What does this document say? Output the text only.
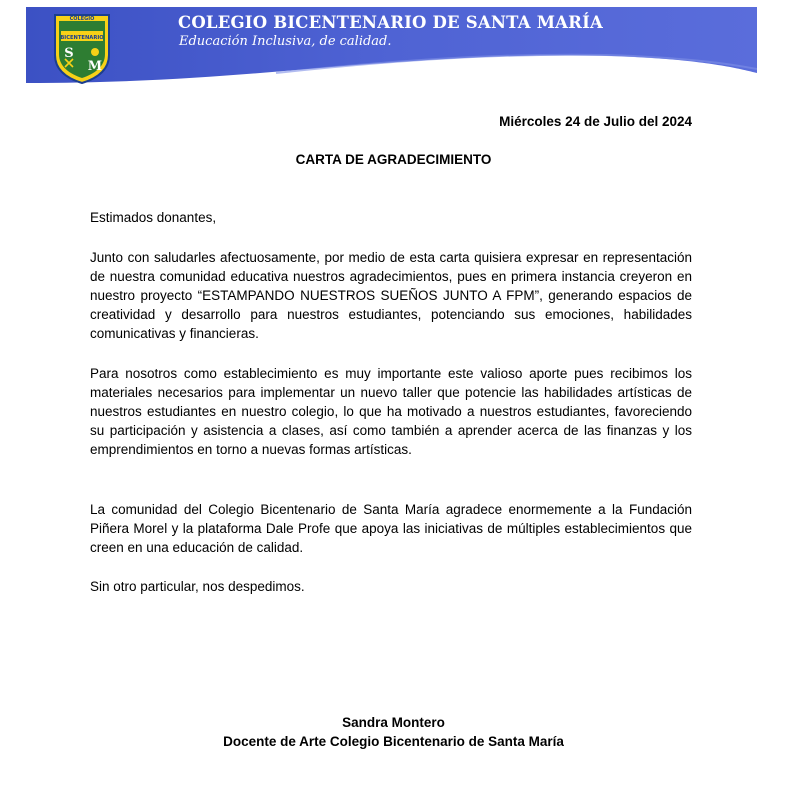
COLEGIO
BICENTENARIO
S
M
COLEGIO BICENTENARIO DE SANTA MARÍA
Educación Inclusiva, de calidad.
Miércoles 24 de Julio del 2024
CARTA DE AGRADECIMIENTO

Estimados donantes,

Junto con saludarles afectuosamente, por medio de esta carta quisiera expresar en representación de nuestra comunidad educativa nuestros agradecimientos, pues en primera instancia creyeron en nuestro proyecto “ESTAMPANDO NUESTROS SUEÑOS JUNTO A FPM”, generando espacios de creatividad y desarrollo para nuestros estudiantes, potenciando sus emociones, habilidades comunicativas y financieras.

Para nosotros como establecimiento es muy importante este valioso aporte pues recibimos los materiales necesarios para implementar un nuevo taller que potencie las habilidades artísticas de nuestros estudiantes en nuestro colegio, lo que ha motivado a nuestros estudiantes, favoreciendo su participación y asistencia a clases, así como también a aprender acerca de las finanzas y los emprendimientos en torno a nuevas formas artísticas.

La comunidad del Colegio Bicentenario de Santa María agradece enormemente a la Fundación Piñera Morel y la plataforma Dale Profe que apoya las iniciativas de múltiples establecimientos que creen en una educación de calidad.

Sin otro particular, nos despedimos.

Sandra Montero
Docente de Arte Colegio Bicentenario de Santa María
